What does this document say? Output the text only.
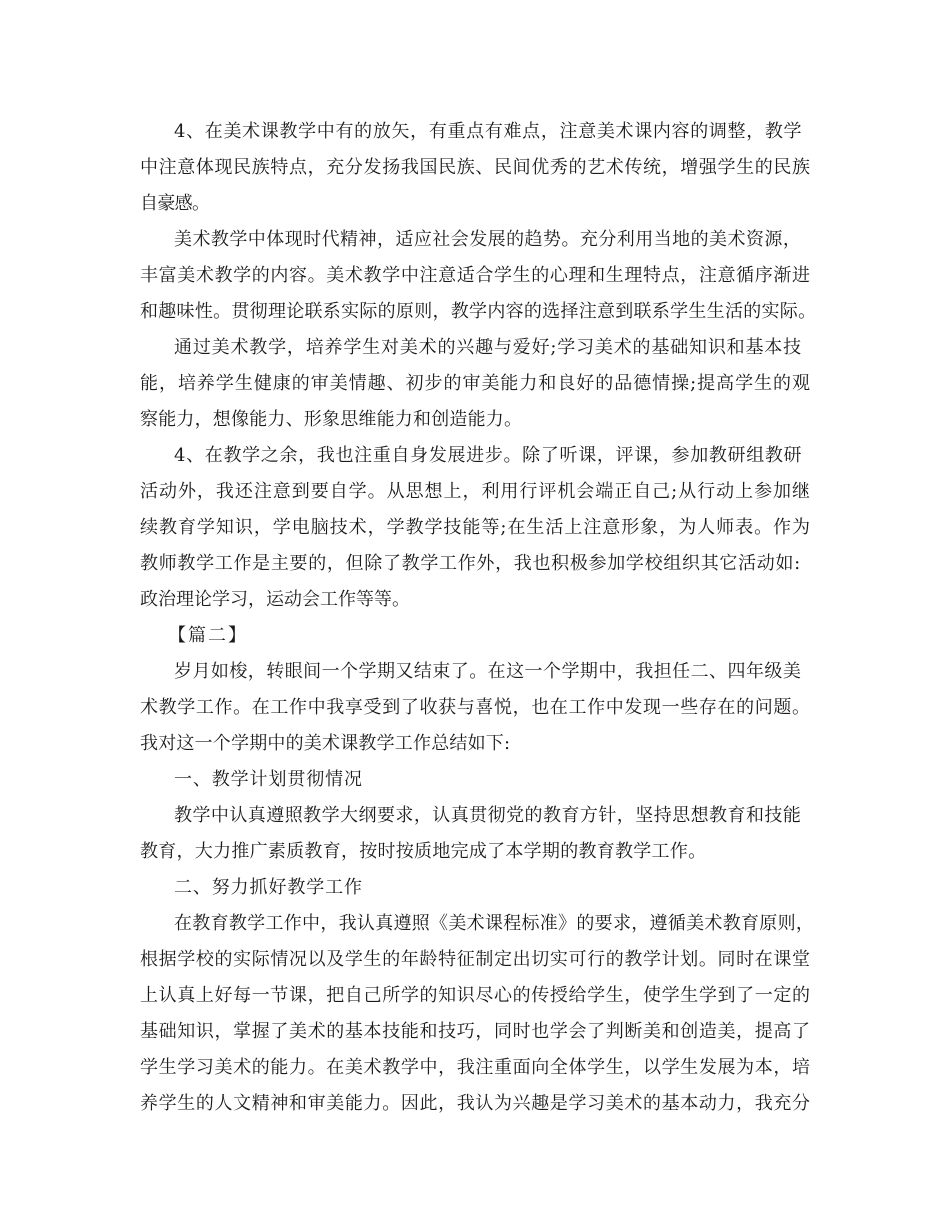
4、在美术课教学中有的放矢，有重点有难点，注意美术课内容的调整，教学
中注意体现民族特点，充分发扬我国民族、民间优秀的艺术传统，增强学生的民族
自豪感。
美术教学中体现时代精神，适应社会发展的趋势。充分利用当地的美术资源，
丰富美术教学的内容。美术教学中注意适合学生的心理和生理特点，注意循序渐进
和趣味性。贯彻理论联系实际的原则，教学内容的选择注意到联系学生生活的实际。
通过美术教学，培养学生对美术的兴趣与爱好;学习美术的基础知识和基本技
能，培养学生健康的审美情趣、初步的审美能力和良好的品德情操;提高学生的观
察能力，想像能力、形象思维能力和创造能力。
4、在教学之余，我也注重自身发展进步。除了听课，评课，参加教研组教研
活动外，我还注意到要自学。从思想上，利用行评机会端正自己;从行动上参加继
续教育学知识，学电脑技术，学教学技能等;在生活上注意形象，为人师表。作为
教师教学工作是主要的，但除了教学工作外，我也积极参加学校组织其它活动如:
政治理论学习，运动会工作等等。
【篇二】
岁月如梭，转眼间一个学期又结束了。在这一个学期中，我担任二、四年级美
术教学工作。在工作中我享受到了收获与喜悦，也在工作中发现一些存在的问题。
我对这一个学期中的美术课教学工作总结如下:
一、教学计划贯彻情况
教学中认真遵照教学大纲要求，认真贯彻党的教育方针，坚持思想教育和技能
教育，大力推广素质教育，按时按质地完成了本学期的教育教学工作。
二、努力抓好教学工作
在教育教学工作中，我认真遵照《美术课程标准》的要求，遵循美术教育原则，
根据学校的实际情况以及学生的年龄特征制定出切实可行的教学计划。同时在课堂
上认真上好每一节课，把自己所学的知识尽心的传授给学生，使学生学到了一定的
基础知识，掌握了美术的基本技能和技巧，同时也学会了判断美和创造美，提高了
学生学习美术的能力。在美术教学中，我注重面向全体学生，以学生发展为本，培
养学生的人文精神和审美能力。因此，我认为兴趣是学习美术的基本动力，我充分
